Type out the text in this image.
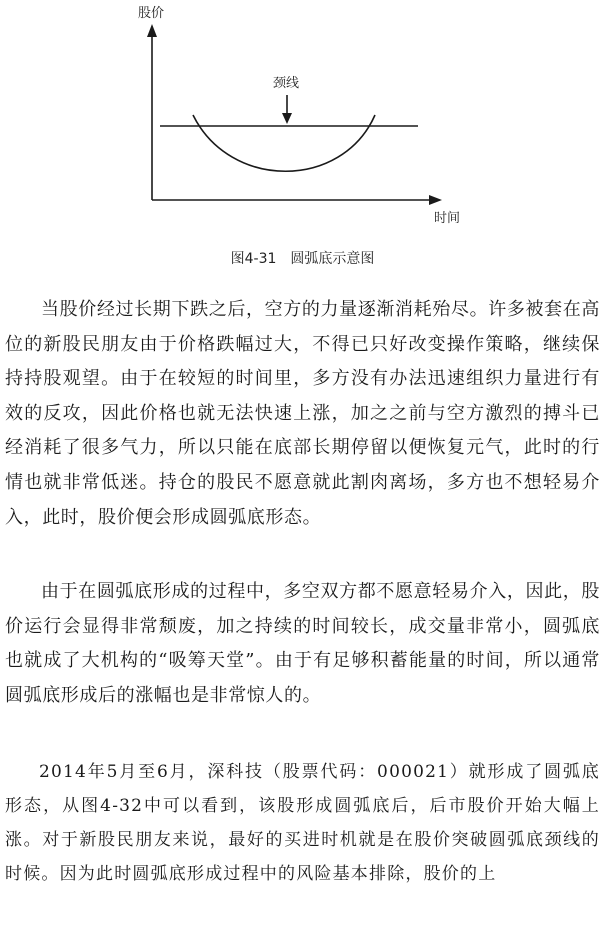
股价
时间
颈线
图4-31　圆弧底示意图

当股价经过长期下跌之后，空方的力量逐渐消耗殆尽。许多被套在高位的新股民朋友由于价格跌幅过大，不得已只好改变操作策略，继续保持持股观望。由于在较短的时间里，多方没有办法迅速组织力量进行有效的反攻，因此价格也就无法快速上涨，加之之前与空方激烈的搏斗已经消耗了很多气力，所以只能在底部长期停留以便恢复元气，此时的行情也就非常低迷。持仓的股民不愿意就此割肉离场，多方也不想轻易介入，此时，股价便会形成圆弧底形态。

由于在圆弧底形成的过程中，多空双方都不愿意轻易介入，因此，股价运行会显得非常颓废，加之持续的时间较长，成交量非常小，圆弧底也就成了大机构的“吸筹天堂”。由于有足够积蓄能量的时间，所以通常圆弧底形成后的涨幅也是非常惊人的。

2014年5月至6月，深科技（股票代码：000021）就形成了圆弧底形态，从图4-32中可以看到，该股形成圆弧底后，后市股价开始大幅上涨。对于新股民朋友来说，最好的买进时机就是在股价突破圆弧底颈线的时候。因为此时圆弧底形成过程中的风险基本排除，股价的上
